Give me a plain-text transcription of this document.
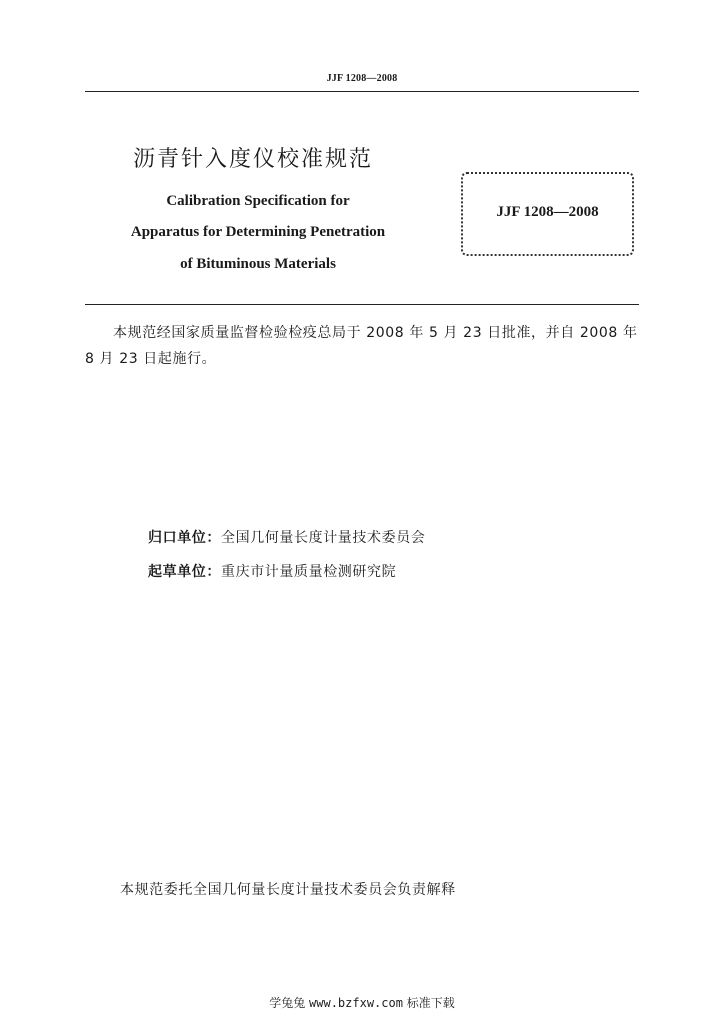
JJF 1208—2008
沥青针入度仪校准规范
Calibration Specification for
Apparatus for Determining Penetration
of Bituminous Materials
JJF 1208—2008
本规范经国家质量监督检验检疫总局于 2008 年 5 月 23 日批准，并自 2008 年 8 月 23 日起施行。
归口单位：全国几何量长度计量技术委员会
起草单位：重庆市计量质量检测研究院
本规范委托全国几何量长度计量技术委员会负责解释
学兔兔 www.bzfxw.com 标准下载
